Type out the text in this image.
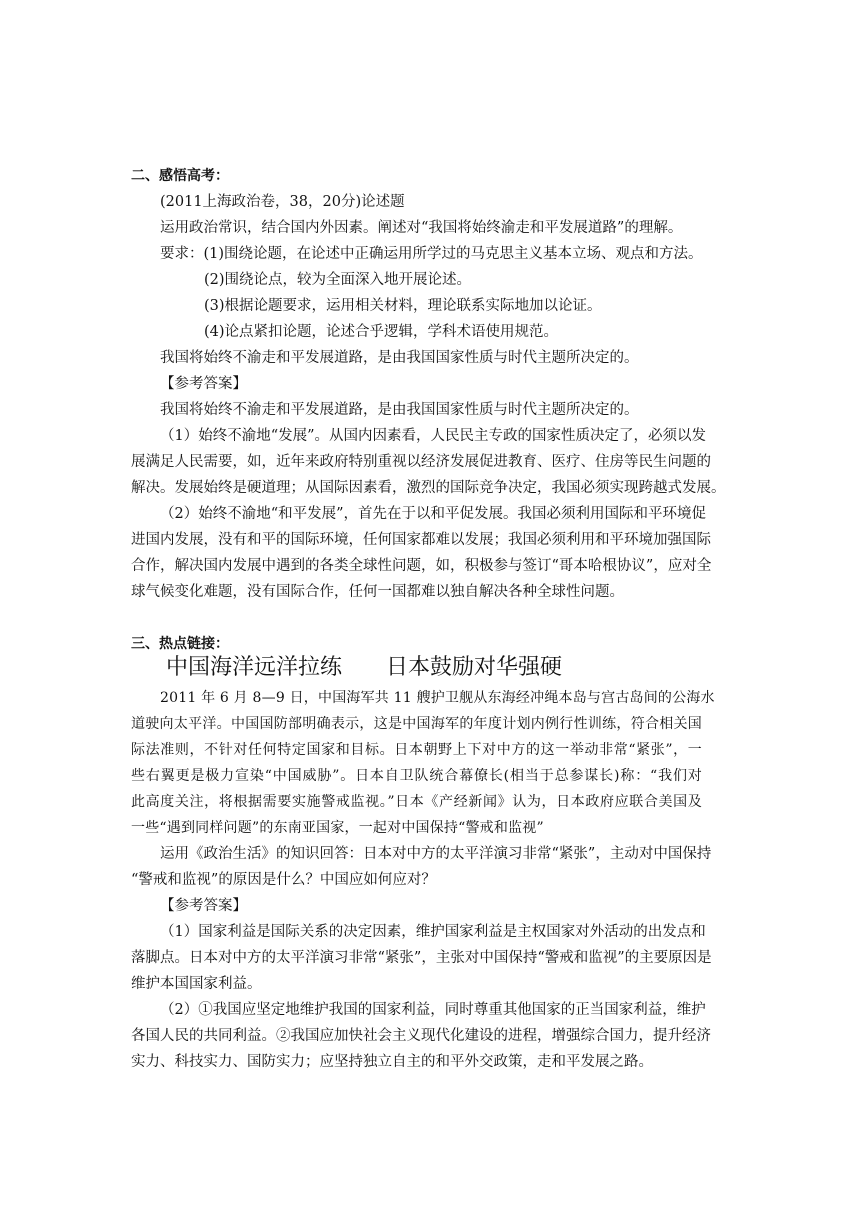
二、感悟高考：
(2011上海政治卷，38，20分)论述题
运用政治常识，结合国内外因素。阐述对“我国将始终渝走和平发展道路”的理解。
要求：(1)围绕论题，在论述中正确运用所学过的马克思主义基本立场、观点和方法。
(2)围绕论点，较为全面深入地开展论述。
(3)根据论题要求，运用相关材料，理论联系实际地加以论证。
(4)论点紧扣论题，论述合乎逻辑，学科术语使用规范。
我国将始终不渝走和平发展道路，是由我国国家性质与时代主题所决定的。
【参考答案】
我国将始终不渝走和平发展道路，是由我国国家性质与时代主题所决定的。
（1）始终不渝地“发展”。从国内因素看，人民民主专政的国家性质决定了，必须以发
展满足人民需要，如，近年来政府特别重视以经济发展促进教育、医疗、住房等民生问题的
解决。发展始终是硬道理；从国际因素看，激烈的国际竞争决定，我国必须实现跨越式发展。
（2）始终不渝地“和平发展”，首先在于以和平促发展。我国必须利用国际和平环境促
进国内发展，没有和平的国际环境，任何国家都难以发展；我国必须利用和平环境加强国际
合作，解决国内发展中遇到的各类全球性问题，如，积极参与签订“哥本哈根协议”，应对全
球气候变化难题，没有国际合作，任何一国都难以独自解决各种全球性问题。
三、热点链接：
中国海洋远洋拉练　　日本鼓励对华强硬
2011 年 6 月 8—9 日，中国海军共 11 艘护卫舰从东海经冲绳本岛与宫古岛间的公海水
道驶向太平洋。中国国防部明确表示，这是中国海军的年度计划内例行性训练，符合相关国
际法准则，不针对任何特定国家和目标。日本朝野上下对中方的这一举动非常“紧张”，一
些右翼更是极力宣染“中国威胁”。日本自卫队统合幕僚长(相当于总参谋长)称：“我们对
此高度关注，将根据需要实施警戒监视。”日本《产经新闻》认为，日本政府应联合美国及
一些“遇到同样问题”的东南亚国家，一起对中国保持“警戒和监视”
运用《政治生活》的知识回答：日本对中方的太平洋演习非常“紧张”，主动对中国保持
“警戒和监视”的原因是什么？中国应如何应对？
【参考答案】
（1）国家利益是国际关系的决定因素，维护国家利益是主权国家对外活动的出发点和
落脚点。日本对中方的太平洋演习非常“紧张”，主张对中国保持“警戒和监视”的主要原因是
维护本国国家利益。
（2）①我国应坚定地维护我国的国家利益，同时尊重其他国家的正当国家利益，维护
各国人民的共同利益。②我国应加快社会主义现代化建设的进程，增强综合国力，提升经济
实力、科技实力、国防实力；应坚持独立自主的和平外交政策，走和平发展之路。
